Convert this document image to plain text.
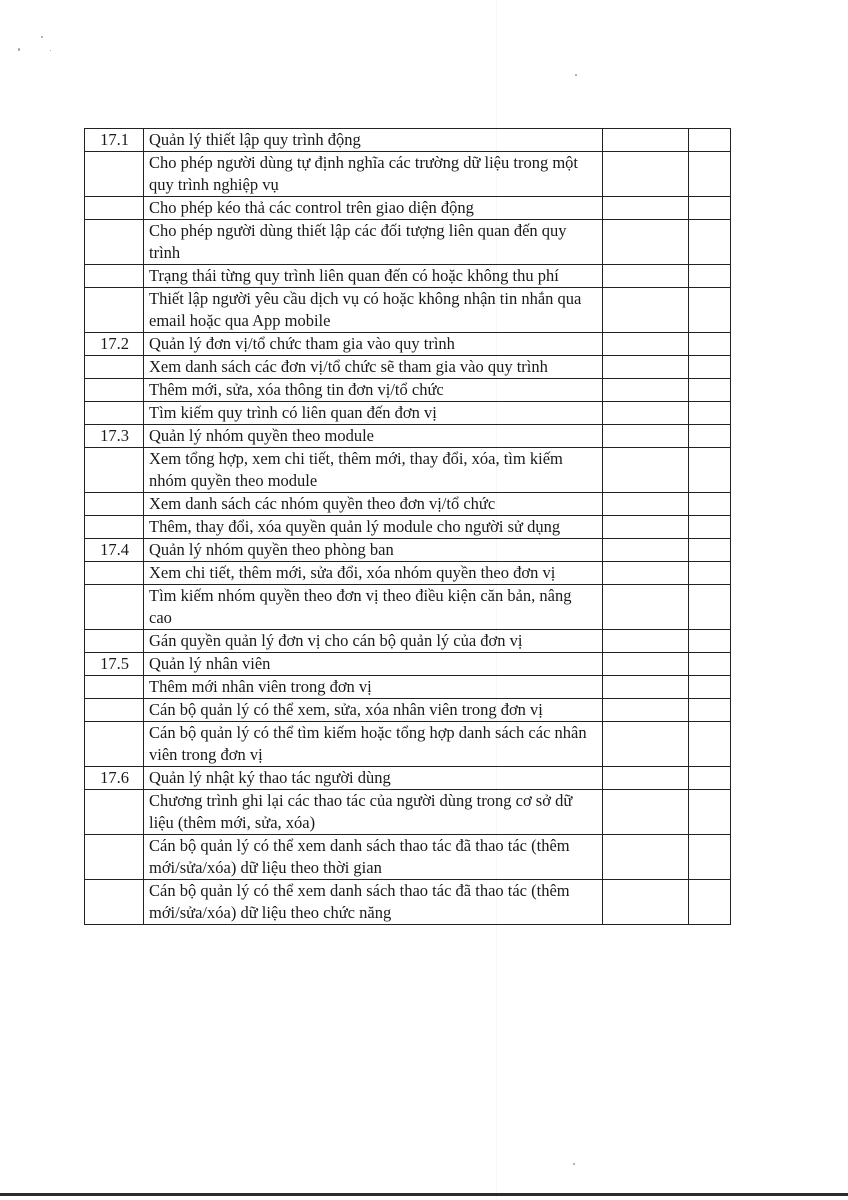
17.1	Quản lý thiết lập quy trình động		
	Cho phép người dùng tự định nghĩa các trường dữ liệu trong một quy trình nghiệp vụ		
	Cho phép kéo thả các control trên giao diện động		
	Cho phép người dùng thiết lập các đối tượng liên quan đến quy trình		
	Trạng thái từng quy trình liên quan đến có hoặc không thu phí		
	Thiết lập người yêu cầu dịch vụ có hoặc không nhận tin nhắn qua email hoặc qua App mobile		
17.2	Quản lý đơn vị/tổ chức tham gia vào quy trình		
	Xem danh sách các đơn vị/tổ chức sẽ tham gia vào quy trình		
	Thêm mới, sửa, xóa thông tin đơn vị/tổ chức		
	Tìm kiếm quy trình có liên quan đến đơn vị		
17.3	Quản lý nhóm quyền theo module		
	Xem tổng hợp, xem chi tiết, thêm mới, thay đổi, xóa, tìm kiếm nhóm quyền theo module		
	Xem danh sách các nhóm quyền theo đơn vị/tổ chức		
	Thêm, thay đổi, xóa quyền quản lý module cho người sử dụng		
17.4	Quản lý nhóm quyền theo phòng ban		
	Xem chi tiết, thêm mới, sửa đổi, xóa nhóm quyền theo đơn vị		
	Tìm kiếm nhóm quyền theo đơn vị theo điều kiện căn bản, nâng cao		
	Gán quyền quản lý đơn vị cho cán bộ quản lý của đơn vị		
17.5	Quản lý nhân viên		
	Thêm mới nhân viên trong đơn vị		
	Cán bộ quản lý có thể xem, sửa, xóa nhân viên trong đơn vị		
	Cán bộ quản lý có thể tìm kiếm hoặc tổng hợp danh sách các nhân viên trong đơn vị		
17.6	Quản lý nhật ký thao tác người dùng		
	Chương trình ghi lại các thao tác của người dùng trong cơ sở dữ liệu (thêm mới, sửa, xóa)		
	Cán bộ quản lý có thể xem danh sách thao tác đã thao tác (thêm mới/sửa/xóa) dữ liệu theo thời gian		
	Cán bộ quản lý có thể xem danh sách thao tác đã thao tác (thêm mới/sửa/xóa) dữ liệu theo chức năng		
